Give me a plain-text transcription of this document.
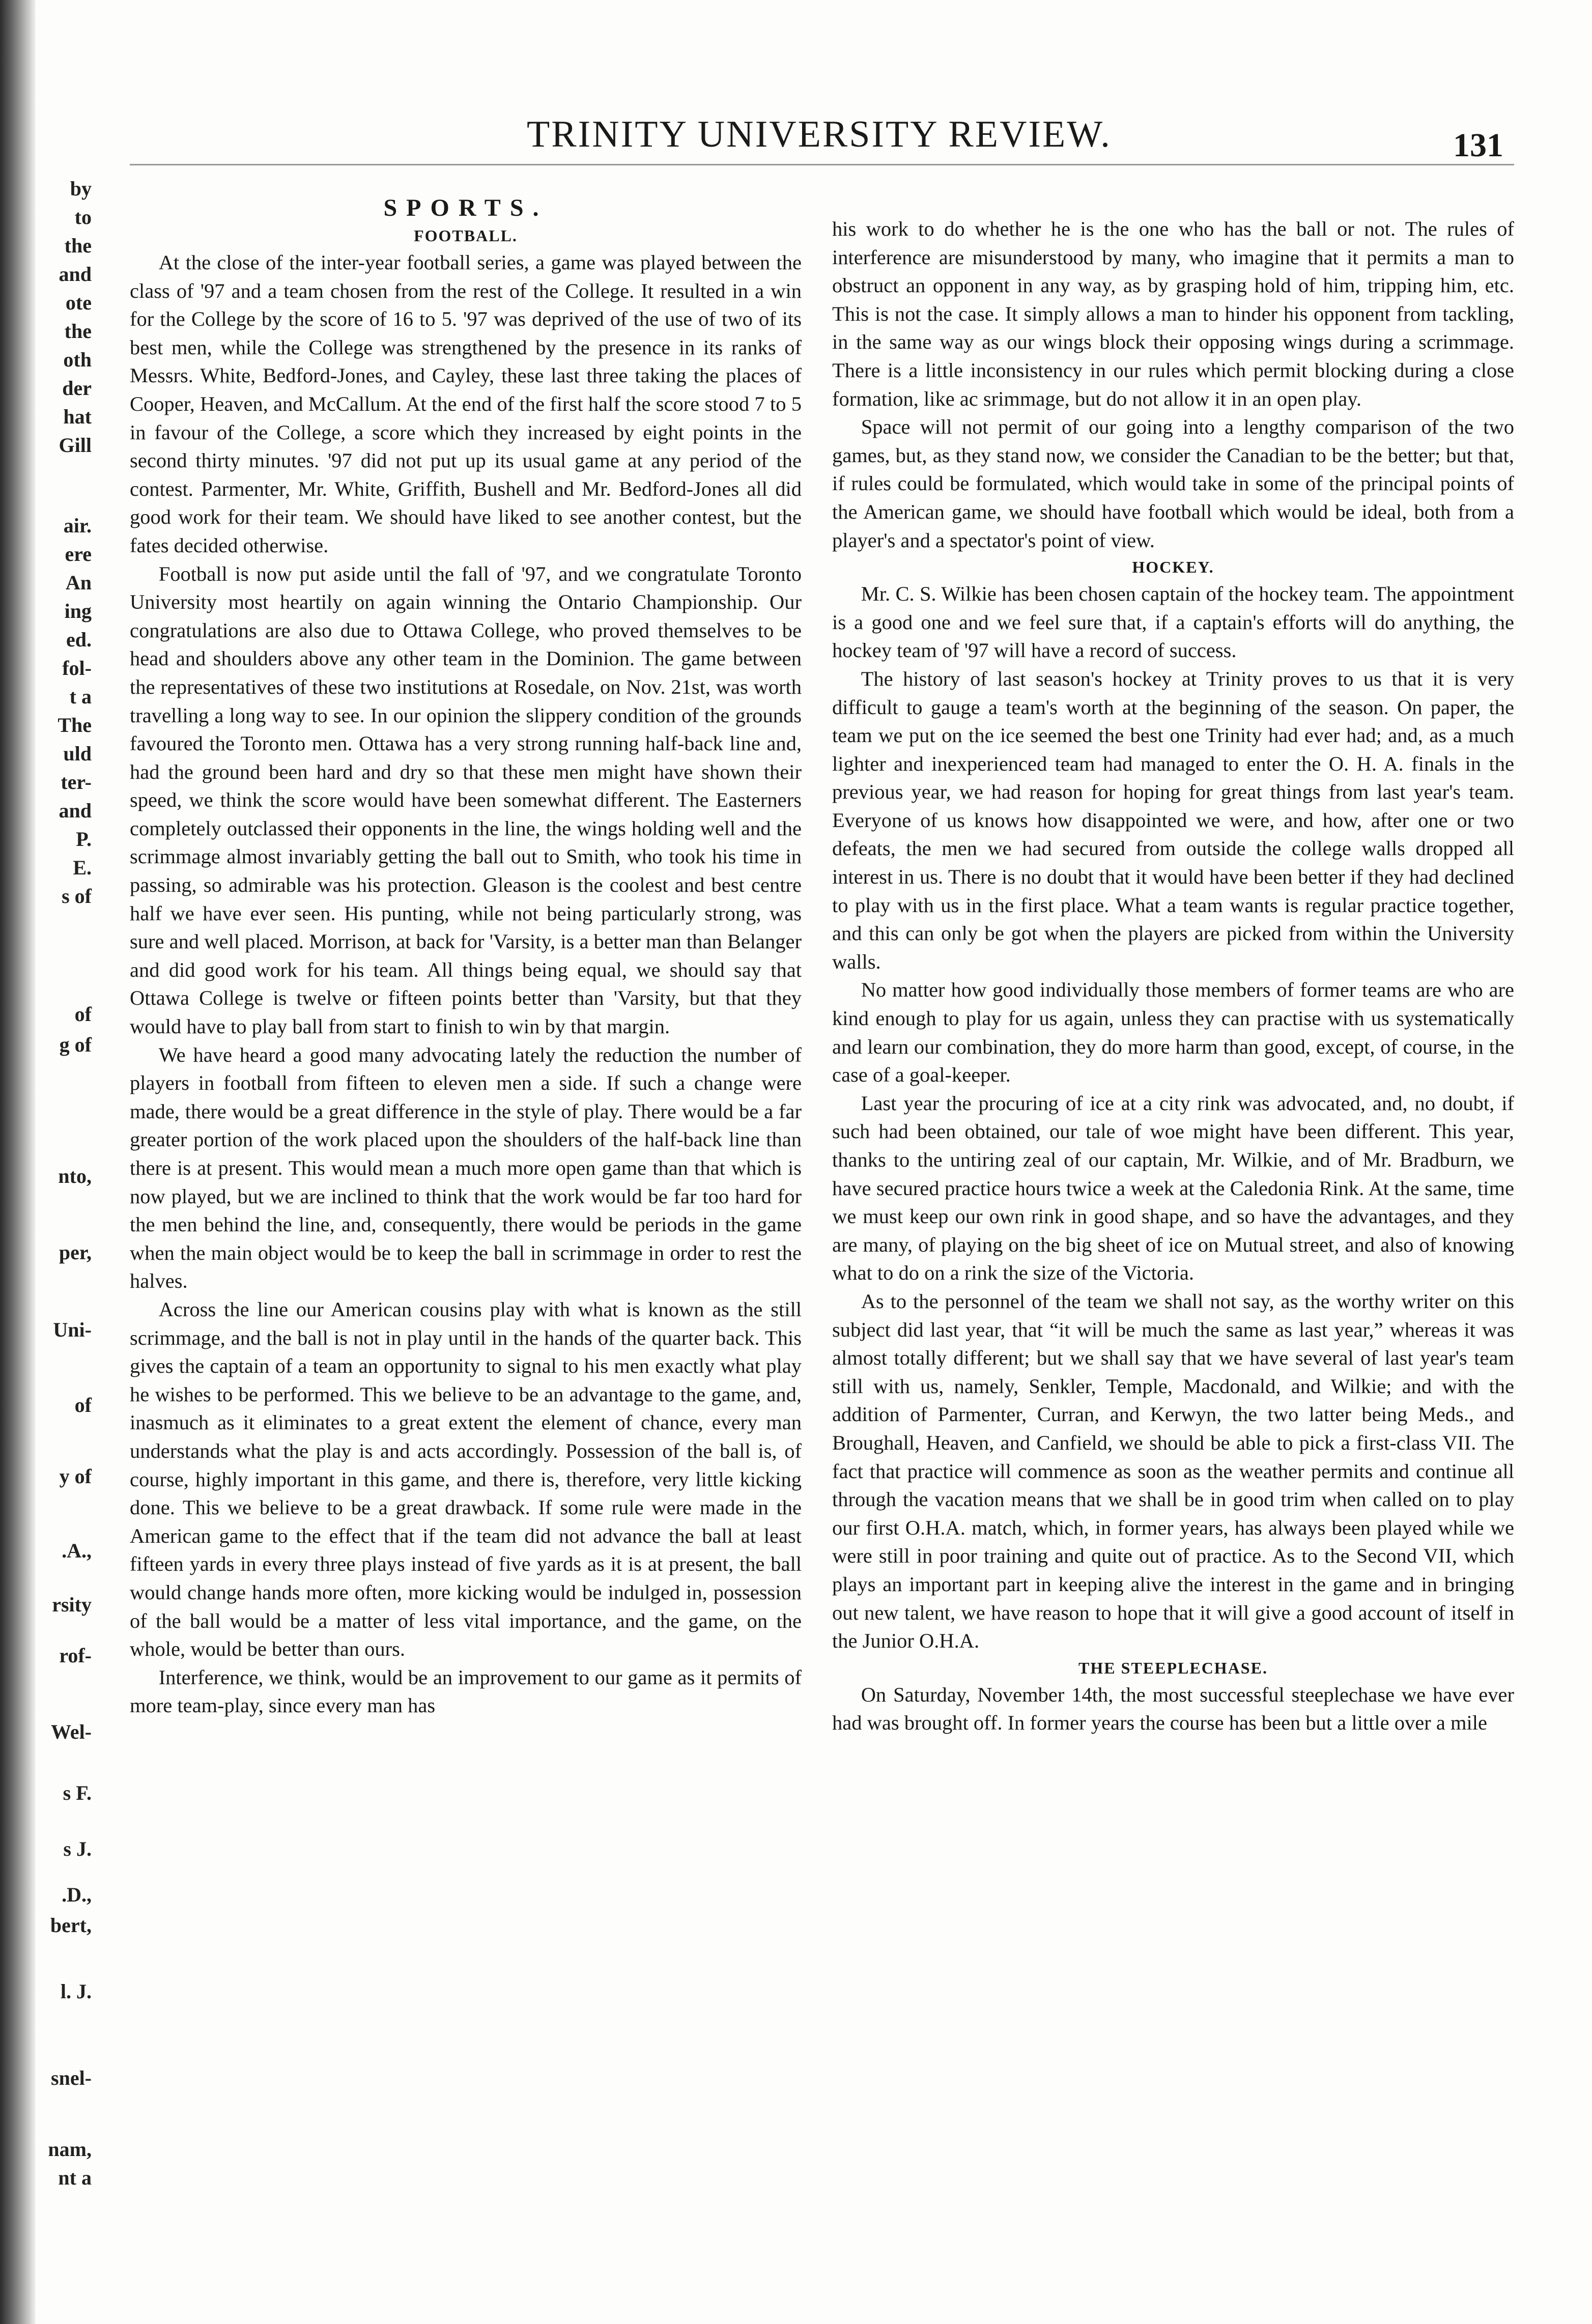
by
to
the
and
ote
the
oth
der
hat
Gill
air.
ere
An
ing
ed.
fol-
t a
The
uld
ter-
and
P.
E.
s of
of
g of
nto,
per,
Uni-
of
y of
.A.,
rsity
rof-
Wel-
s F.
s J.
.D.,
bert,
l. J.
snel-
nam,
nt a
TRINITY UNIVERSITY REVIEW.	131
SPORTS.
FOOTBALL.

At the close of the inter-year football series, a game was played between the class of '97 and a team chosen from the rest of the College. It resulted in a win for the College by the score of 16 to 5. '97 was deprived of the use of two of its best men, while the College was strengthened by the presence in its ranks of Messrs. White, Bedford-Jones, and Cayley, these last three taking the places of Cooper, Heaven, and McCallum. At the end of the first half the score stood 7 to 5 in favour of the College, a score which they increased by eight points in the second thirty minutes. '97 did not put up its usual game at any period of the contest. Parmenter, Mr. White, Griffith, Bushell and Mr. Bedford-Jones all did good work for their team. We should have liked to see another contest, but the fates decided otherwise.

Football is now put aside until the fall of '97, and we congratulate Toronto University most heartily on again winning the Ontario Championship. Our congratulations are also due to Ottawa College, who proved themselves to be head and shoulders above any other team in the Dominion. The game between the representatives of these two institutions at Rosedale, on Nov. 21st, was worth travelling a long way to see. In our opinion the slippery condition of the grounds favoured the Toronto men. Ottawa has a very strong running half-back line and, had the ground been hard and dry so that these men might have shown their speed, we think the score would have been somewhat different. The Easterners completely outclassed their opponents in the line, the wings holding well and the scrimmage almost invariably getting the ball out to Smith, who took his time in passing, so admirable was his protection. Gleason is the coolest and best centre half we have ever seen. His punting, while not being particularly strong, was sure and well placed. Morrison, at back for 'Varsity, is a better man than Belanger and did good work for his team. All things being equal, we should say that Ottawa College is twelve or fifteen points better than 'Varsity, but that they would have to play ball from start to finish to win by that margin.

We have heard a good many advocating lately the reduction the number of players in football from fifteen to eleven men a side. If such a change were made, there would be a great difference in the style of play. There would be a far greater portion of the work placed upon the shoulders of the half-back line than there is at present. This would mean a much more open game than that which is now played, but we are inclined to think that the work would be far too hard for the men behind the line, and, consequently, there would be periods in the game when the main object would be to keep the ball in scrimmage in order to rest the halves.

Across the line our American cousins play with what is known as the still scrimmage, and the ball is not in play until in the hands of the quarter back. This gives the captain of a team an opportunity to signal to his men exactly what play he wishes to be performed. This we believe to be an advantage to the game, and, inasmuch as it eliminates to a great extent the element of chance, every man understands what the play is and acts accordingly. Possession of the ball is, of course, highly important in this game, and there is, therefore, very little kicking done. This we believe to be a great drawback. If some rule were made in the American game to the effect that if the team did not advance the ball at least fifteen yards in every three plays instead of five yards as it is at present, the ball would change hands more often, more kicking would be indulged in, possession of the ball would be a matter of less vital importance, and the game, on the whole, would be better than ours.

Interference, we think, would be an improvement to our game as it permits of more team-play, since every man has

his work to do whether he is the one who has the ball or not. The rules of interference are misunderstood by many, who imagine that it permits a man to obstruct an opponent in any way, as by grasping hold of him, tripping him, etc. This is not the case. It simply allows a man to hinder his opponent from tackling, in the same way as our wings block their opposing wings during a scrimmage. There is a little inconsistency in our rules which permit blocking during a close formation, like ac srimmage, but do not allow it in an open play.

Space will not permit of our going into a lengthy comparison of the two games, but, as they stand now, we consider the Canadian to be the better; but that, if rules could be formulated, which would take in some of the principal points of the American game, we should have football which would be ideal, both from a player's and a spectator's point of view.

HOCKEY.

Mr. C. S. Wilkie has been chosen captain of the hockey team. The appointment is a good one and we feel sure that, if a captain's efforts will do anything, the hockey team of '97 will have a record of success.

The history of last season's hockey at Trinity proves to us that it is very difficult to gauge a team's worth at the beginning of the season. On paper, the team we put on the ice seemed the best one Trinity had ever had; and, as a much lighter and inexperienced team had managed to enter the O. H. A. finals in the previous year, we had reason for hoping for great things from last year's team. Everyone of us knows how disappointed we were, and how, after one or two defeats, the men we had secured from outside the college walls dropped all interest in us. There is no doubt that it would have been better if they had declined to play with us in the first place. What a team wants is regular practice together, and this can only be got when the players are picked from within the University walls.

No matter how good individually those members of former teams are who are kind enough to play for us again, unless they can practise with us systematically and learn our combination, they do more harm than good, except, of course, in the case of a goal-keeper.

Last year the procuring of ice at a city rink was advocated, and, no doubt, if such had been obtained, our tale of woe might have been different. This year, thanks to the untiring zeal of our captain, Mr. Wilkie, and of Mr. Bradburn, we have secured practice hours twice a week at the Caledonia Rink. At the same, time we must keep our own rink in good shape, and so have the advantages, and they are many, of playing on the big sheet of ice on Mutual street, and also of knowing what to do on a rink the size of the Victoria.

As to the personnel of the team we shall not say, as the worthy writer on this subject did last year, that “it will be much the same as last year,” whereas it was almost totally different; but we shall say that we have several of last year's team still with us, namely, Senkler, Temple, Macdonald, and Wilkie; and with the addition of Parmenter, Curran, and Kerwyn, the two latter being Meds., and Broughall, Heaven, and Canfield, we should be able to pick a first-class VII. The fact that practice will commence as soon as the weather permits and continue all through the vacation means that we shall be in good trim when called on to play our first O.H.A. match, which, in former years, has always been played while we were still in poor training and quite out of practice. As to the Second VII, which plays an important part in keeping alive the interest in the game and in bringing out new talent, we have reason to hope that it will give a good account of itself in the Junior O.H.A.

THE STEEPLECHASE.

On Saturday, November 14th, the most successful steeplechase we have ever had was brought off. In former years the course has been but a little over a mile
